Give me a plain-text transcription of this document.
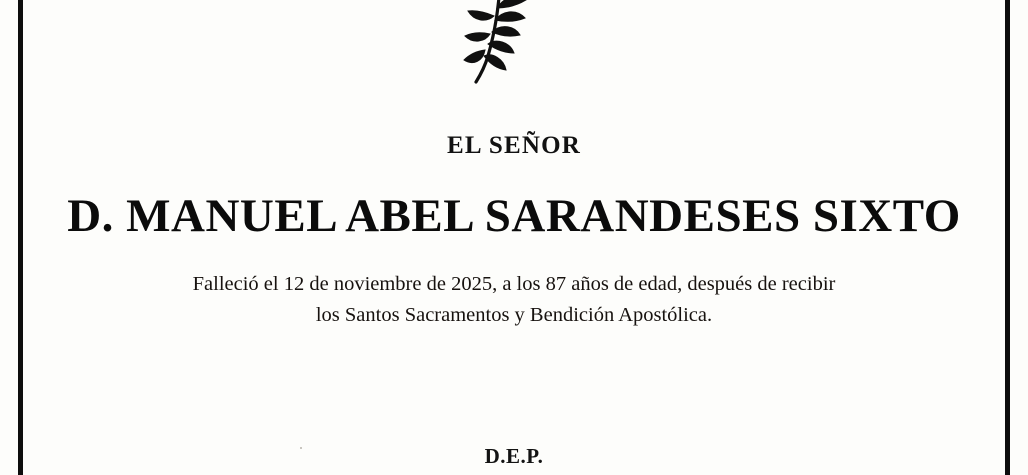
EL SEÑOR
D. MANUEL ABEL SARANDESES SIXTO
Falleció el 12 de noviembre de 2025, a los 87 años de edad, después de recibir
los Santos Sacramentos y Bendición Apostólica.
D.E.P.
